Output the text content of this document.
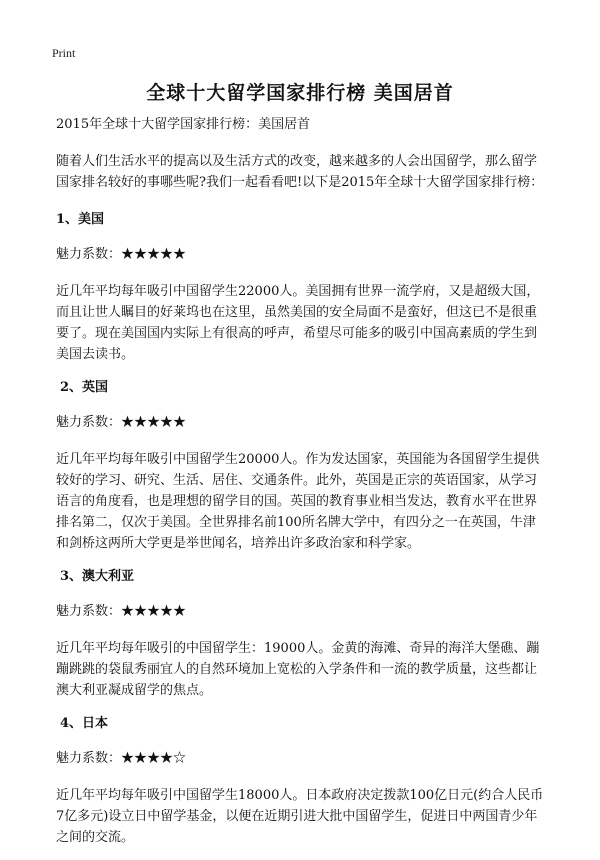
Print
全球十大留学国家排行榜 美国居首

2015年全球十大留学国家排行榜：美国居首

随着人们生活水平的提高以及生活方式的改变，越来越多的人会出国留学，那么留学国家排名较好的事哪些呢?我们一起看看吧!以下是2015年全球十大留学国家排行榜：

1、美国

魅力系数：★★★★★

近几年平均每年吸引中国留学生22000人。美国拥有世界一流学府，又是超级大国，而且让世人瞩目的好莱坞也在这里，虽然美国的安全局面不是蛮好，但这已不是很重要了。现在美国国内实际上有很高的呼声，希望尽可能多的吸引中国高素质的学生到美国去读书。

2、英国

魅力系数：★★★★★

近几年平均每年吸引中国留学生20000人。作为发达国家，英国能为各国留学生提供较好的学习、研究、生活、居住、交通条件。此外，英国是正宗的英语国家，从学习语言的角度看，也是理想的留学目的国。英国的教育事业相当发达，教育水平在世界排名第二，仅次于美国。全世界排名前100所名牌大学中，有四分之一在英国，牛津和剑桥这两所大学更是举世闻名，培养出许多政治家和科学家。

3、澳大利亚

魅力系数：★★★★★

近几年平均每年吸引的中国留学生：19000人。金黄的海滩、奇异的海洋大堡礁、蹦蹦跳跳的袋鼠秀丽宜人的自然环境加上宽松的入学条件和一流的教学质量，这些都让澳大利亚凝成留学的焦点。

4、日本

魅力系数：★★★★☆

近几年平均每年吸引中国留学生18000人。日本政府决定拨款100亿日元(约合人民币7亿多元)设立日中留学基金，以便在近期引进大批中国留学生，促进日中两国青少年之间的交流。
